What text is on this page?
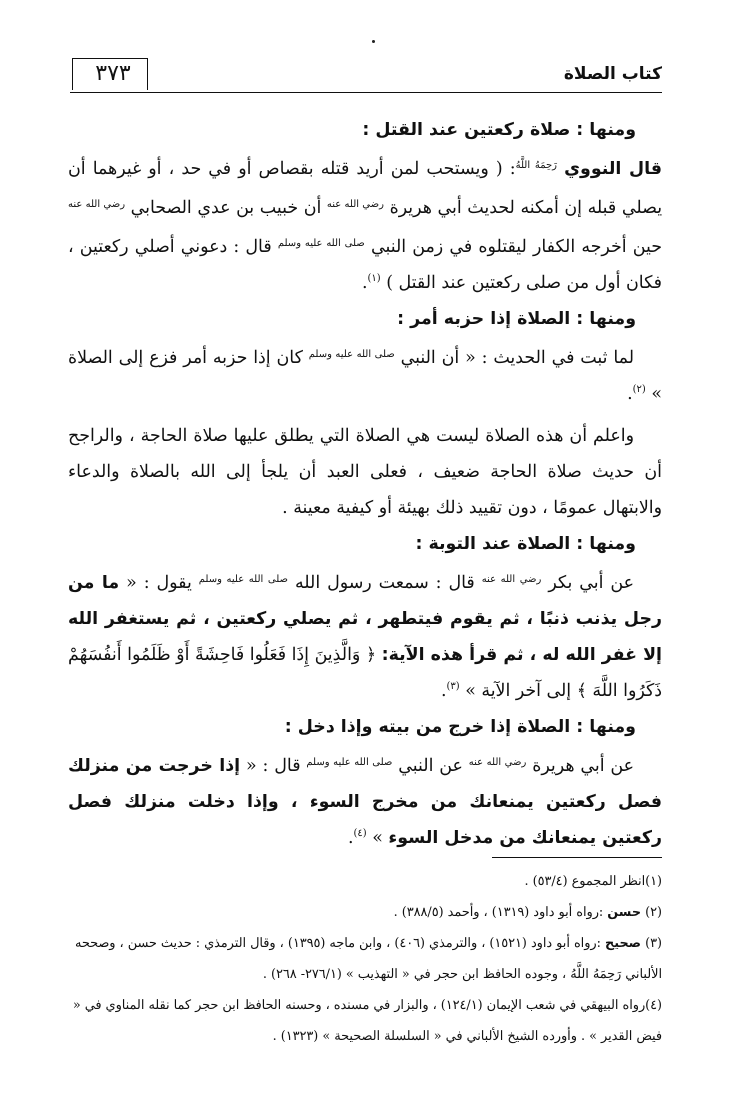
كتاب الصلاة
٣٧٣

ومنها : صلاة ركعتين عند القتل :

قال النووي $^{رَحِمَهُ اللَّهُ}$: ( ويستحب لمن أريد قتله بقصاص أو في حد ، أو غيرهما أن يصلي قبله إن أمكنه لحديث أبي هريرة $^{رضي الله عنه}$ أن خبيب بن عدي الصحابي $^{رضي الله عنه}$ حين أخرجه الكفار ليقتلوه في زمن النبي $^{صلى الله عليه وسلم}$ قال : دعوني أصلي ركعتين ، فكان أول من صلى ركعتين عند القتل ) $^{(١)}$.

ومنها : الصلاة إذا حزبه أمر :

لما ثبت في الحديث : « أن النبي $^{صلى الله عليه وسلم}$ كان إذا حزبه أمر فزع إلى الصلاة » $^{(٢)}$.

واعلم أن هذه الصلاة ليست هي الصلاة التي يطلق عليها صلاة الحاجة ، والراجح أن حديث صلاة الحاجة ضعيف ، فعلى العبد أن يلجأ إلى الله بالصلاة والدعاء والابتهال عمومًا ، دون تقييد ذلك بهيئة أو كيفية معينة .

ومنها : الصلاة عند التوبة :

عن أبي بكر $^{رضي الله عنه}$ قال : سمعت رسول الله $^{صلى الله عليه وسلم}$ يقول : « ما من رجل يذنب ذنبًا ، ثم يقوم فيتطهر ، ثم يصلي ركعتين ، ثم يستغفر الله إلا غفر الله له ، ثم قرأ هذه الآية: ﴿ وَالَّذِينَ إِذَا فَعَلُوا فَاحِشَةً أَوْ ظَلَمُوا أَنفُسَهُمْ ذَكَرُوا اللَّهَ ﴾ إلى آخر الآية » $^{(٣)}$.

ومنها : الصلاة إذا خرج من بيته وإذا دخل :

عن أبي هريرة $^{رضي الله عنه}$ عن النبي $^{صلى الله عليه وسلم}$ قال : « إذا خرجت من منزلك فصل ركعتين يمنعانك من مخرج السوء ، وإذا دخلت منزلك فصل ركعتين يمنعانك من مدخل السوء » $^{(٤)}$.

(١)انظر المجموع (٥٣/٤) .

(٢) حسن :رواه أبو داود (١٣١٩) ، وأحمد (٣٨٨/٥) .

(٣) صحيح :رواه أبو داود (١٥٢١) ، والترمذي (٤٠٦) ، وابن ماجه (١٣٩٥) ، وقال الترمذي : حديث حسن ، وصححه الألباني رَحِمَهُ اللَّهُ ، وجوده الحافظ ابن حجر في « التهذيب » (٢٧٦/١- ٢٦٨) .

(٤)رواه البيهقي في شعب الإيمان (١٢٤/١) ، والبزار في مسنده ، وحسنه الحافظ ابن حجر كما نقله المناوي في « فيض القدير » . وأورده الشيخ الألباني في « السلسلة الصحيحة » (١٣٢٣) .
